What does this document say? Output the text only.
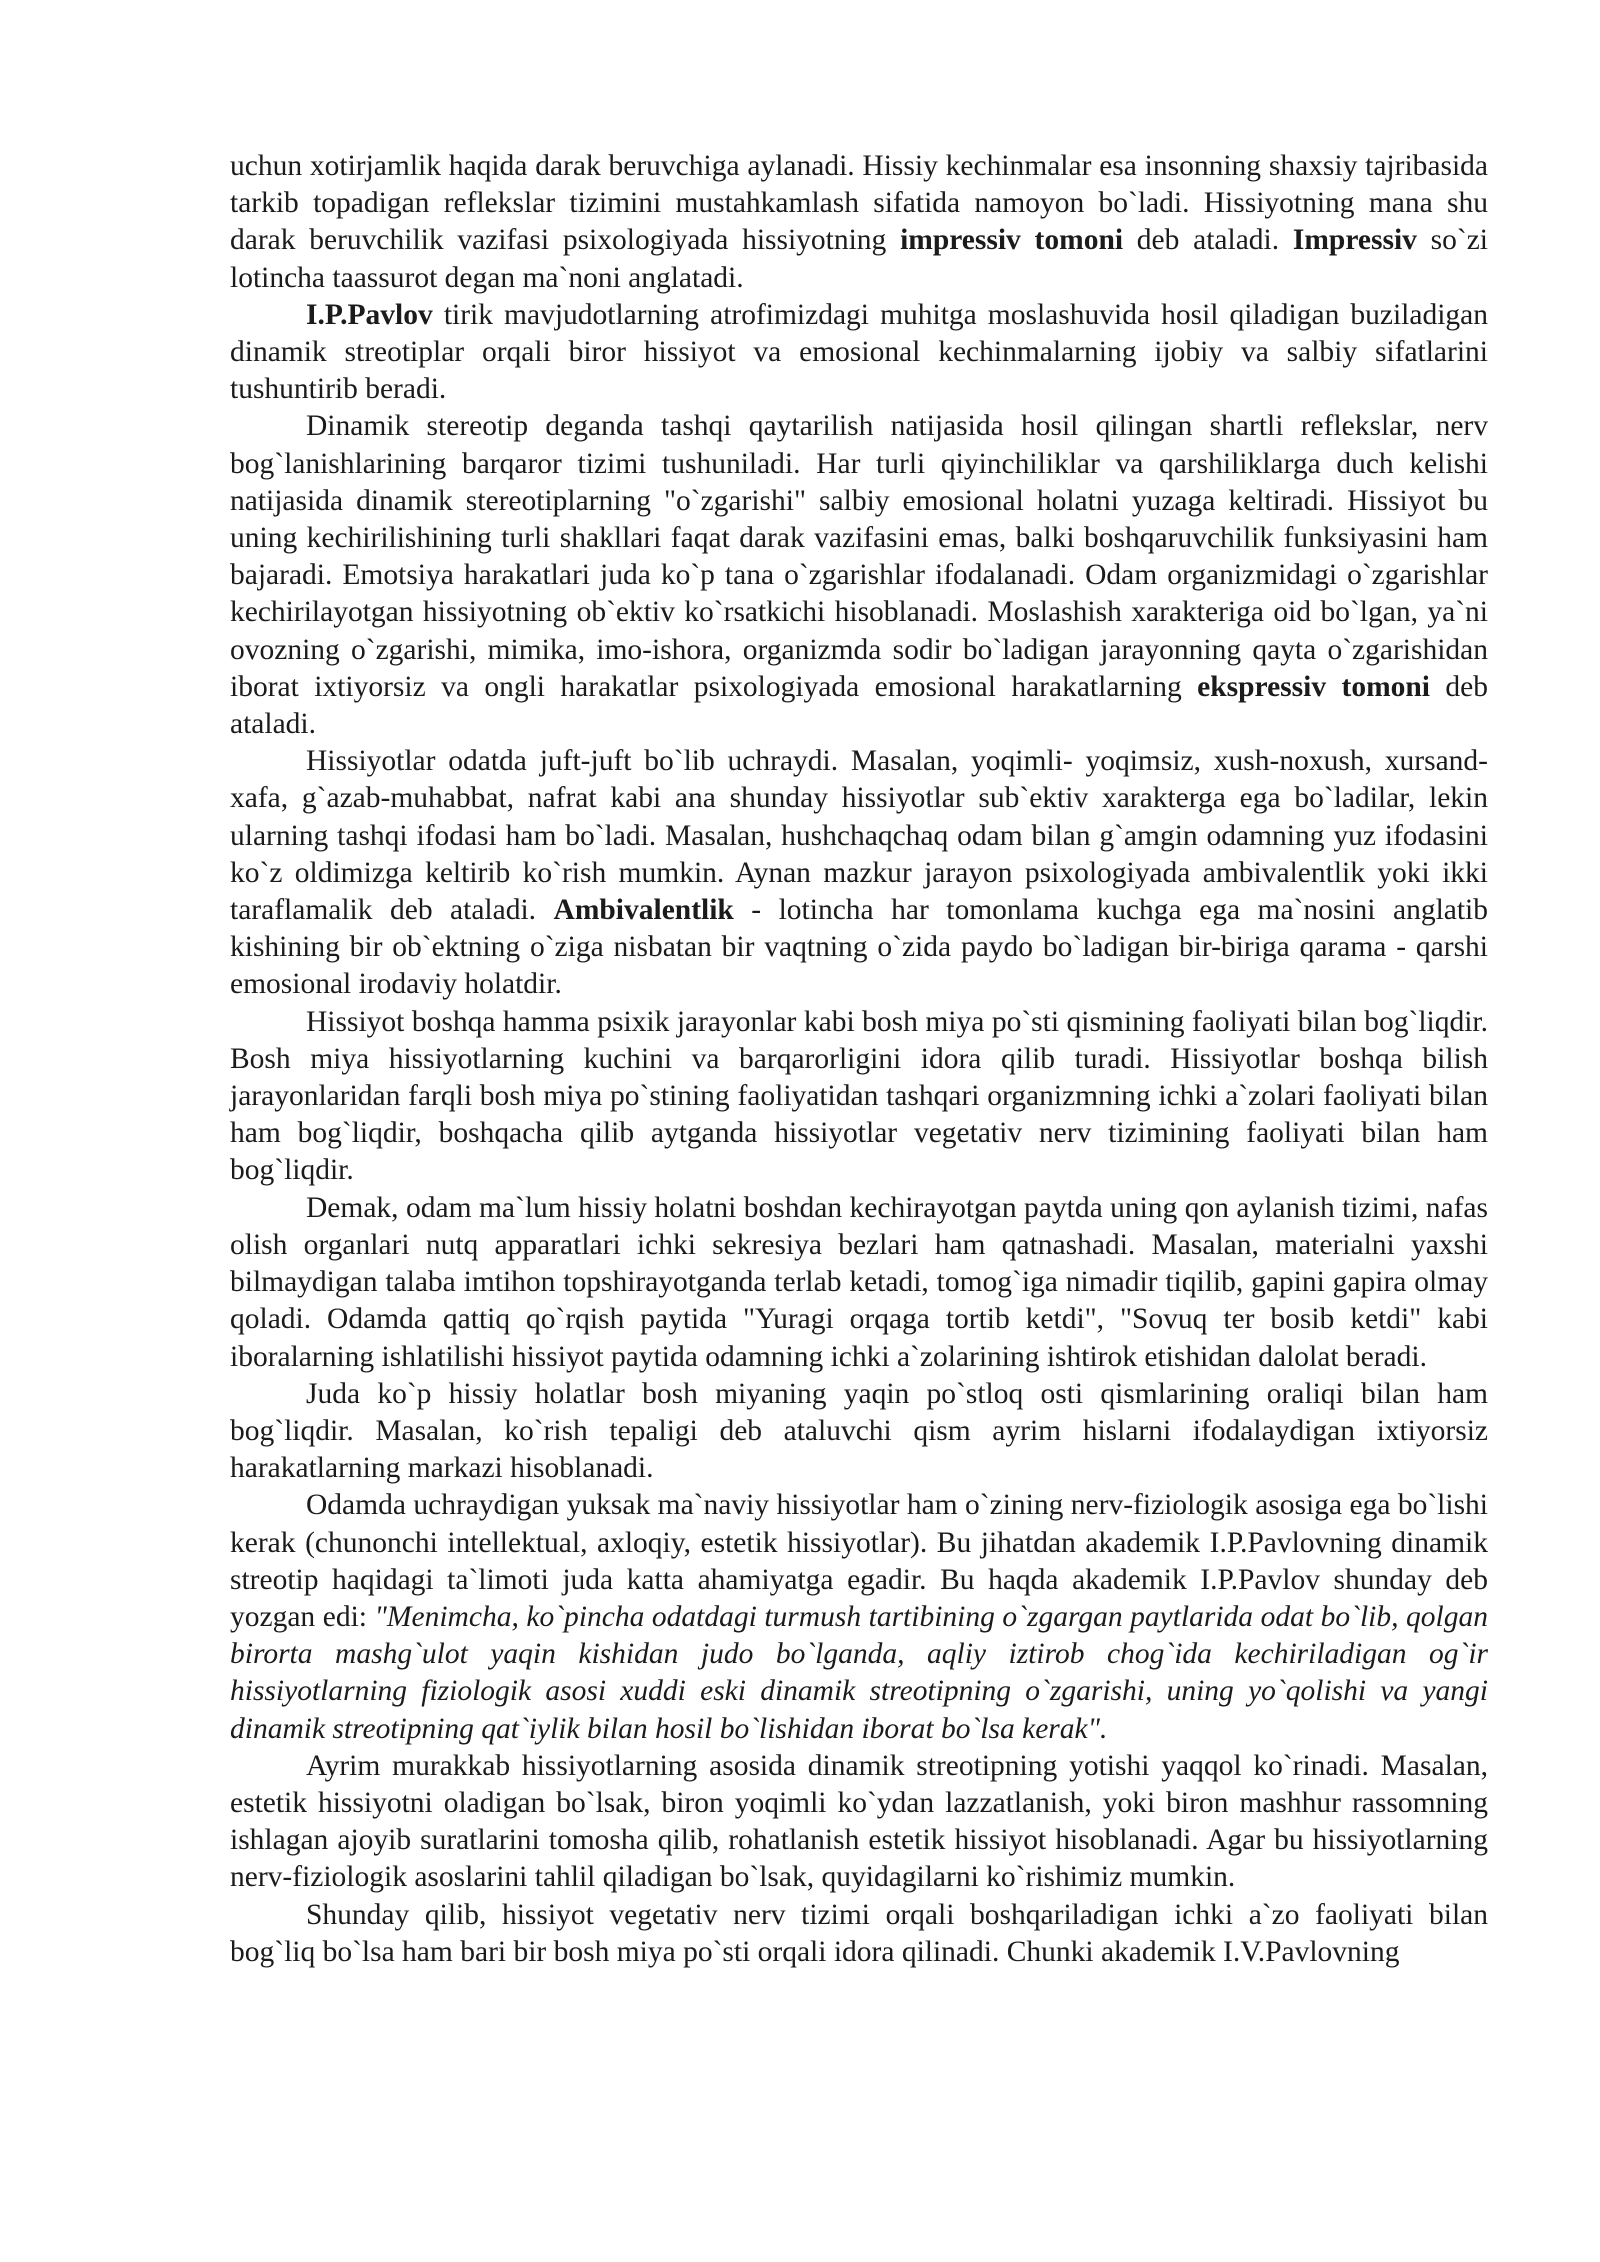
uchun xotirjamlik haqida darak beruvchiga aylanadi. Hissiy kechinmalar esa insonning shaxsiy tajribasida tarkib topadigan reflekslar tizimini mustahkamlash sifatida namoyon bo`ladi. Hissiyotning mana shu darak beruvchilik vazifasi psixologiyada hissiyotning impressiv tomoni deb ataladi. Impressiv so`zi lotincha taassurot degan ma`noni anglatadi.

I.P.Pavlov tirik mavjudotlarning atrofimizdagi muhitga moslashuvida hosil qiladigan buziladigan dinamik streotiplar orqali biror hissiyot va emosional kechinmalarning ijobiy va salbiy sifatlarini tushuntirib beradi.

Dinamik stereotip deganda tashqi qaytarilish natijasida hosil qilingan shartli reflekslar, nerv bog`lanishlarining barqaror tizimi tushuniladi. Har turli qiyinchiliklar va qarshiliklarga duch kelishi natijasida dinamik stereotiplarning "o`zgarishi" salbiy emosional holatni yuzaga keltiradi. Hissiyot bu uning kechirilishining turli shakllari faqat darak vazifasini emas, balki boshqaruvchilik funksiyasini ham bajaradi. Emotsiya harakatlari juda ko`p tana o`zgarishlar ifodalanadi. Odam organizmidagi o`zgarishlar kechirilayotgan hissiyotning ob`ektiv ko`rsatkichi hisoblanadi. Moslashish xarakteriga oid bo`lgan, ya`ni ovozning o`zgarishi, mimika, imo-ishora, organizmda sodir bo`ladigan jarayonning qayta o`zgarishidan iborat ixtiyorsiz va ongli harakatlar psixologiyada emosional harakatlarning ekspressiv tomoni deb ataladi.

Hissiyotlar odatda juft-juft bo`lib uchraydi. Masalan, yoqimli- yoqimsiz, xush-noxush, xursand-xafa, g`azab-muhabbat, nafrat kabi ana shunday hissiyotlar sub`ektiv xarakterga ega bo`ladilar, lekin ularning tashqi ifodasi ham bo`ladi. Masalan, hushchaqchaq odam bilan g`amgin odamning yuz ifodasini ko`z oldimizga keltirib ko`rish mumkin. Aynan mazkur jarayon psixologiyada ambivalentlik yoki ikki taraflamalik deb ataladi. Ambivalentlik - lotincha har tomonlama kuchga ega ma`nosini anglatib kishining bir ob`ektning o`ziga nisbatan bir vaqtning o`zida paydo bo`ladigan bir-biriga qarama - qarshi emosional irodaviy holatdir.

Hissiyot boshqa hamma psixik jarayonlar kabi bosh miya po`sti qismining faoliyati bilan bog`liqdir. Bosh miya hissiyotlarning kuchini va barqarorligini idora qilib turadi. Hissiyotlar boshqa bilish jarayonlaridan farqli bosh miya po`stining faoliyatidan tashqari organizmning ichki a`zolari faoliyati bilan ham bog`liqdir, boshqacha qilib aytganda hissiyotlar vegetativ nerv tizimining faoliyati bilan ham bog`liqdir.

Demak, odam ma`lum hissiy holatni boshdan kechirayotgan paytda uning qon aylanish tizimi, nafas olish organlari nutq apparatlari ichki sekresiya bezlari ham qatnashadi. Masalan, materialni yaxshi bilmaydigan talaba imtihon topshirayotganda terlab ketadi, tomog`iga nimadir tiqilib, gapini gapira olmay qoladi. Odamda qattiq qo`rqish paytida "Yuragi orqaga tortib ketdi", "Sovuq ter bosib ketdi" kabi iboralarning ishlatilishi hissiyot paytida odamning ichki a`zolarining ishtirok etishidan dalolat beradi.

Juda ko`p hissiy holatlar bosh miyaning yaqin po`stloq osti qismlarining oraliqi bilan ham bog`liqdir. Masalan, ko`rish tepaligi deb ataluvchi qism ayrim hislarni ifodalaydigan ixtiyorsiz harakatlarning markazi hisoblanadi.

Odamda uchraydigan yuksak ma`naviy hissiyotlar ham o`zining nerv-fiziologik asosiga ega bo`lishi kerak (chunonchi intellektual, axloqiy, estetik hissiyotlar). Bu jihatdan akademik I.P.Pavlovning dinamik streotip haqidagi ta`limoti juda katta ahamiyatga egadir. Bu haqda akademik I.P.Pavlov shunday deb yozgan edi: "Menimcha, ko`pincha odatdagi turmush tartibining o`zgargan paytlarida odat bo`lib, qolgan birorta mashg`ulot yaqin kishidan judo bo`lganda, aqliy iztirob chog`ida kechiriladigan og`ir hissiyotlarning fiziologik asosi xuddi eski dinamik streotipning o`zgarishi, uning yo`qolishi va yangi dinamik streotipning qat`iylik bilan hosil bo`lishidan iborat bo`lsa kerak".

Ayrim murakkab hissiyotlarning asosida dinamik streotipning yotishi yaqqol ko`rinadi. Masalan, estetik hissiyotni oladigan bo`lsak, biron yoqimli ko`ydan lazzatlanish, yoki biron mashhur rassomning ishlagan ajoyib suratlarini tomosha qilib, rohatlanish estetik hissiyot hisoblanadi. Agar bu hissiyotlarning nerv-fiziologik asoslarini tahlil qiladigan bo`lsak, quyidagilarni ko`rishimiz mumkin.

Shunday qilib, hissiyot vegetativ nerv tizimi orqali boshqariladigan ichki a`zo faoliyati bilan bog`liq bo`lsa ham bari bir bosh miya po`sti orqali idora qilinadi. Chunki akademik I.V.Pavlovning
